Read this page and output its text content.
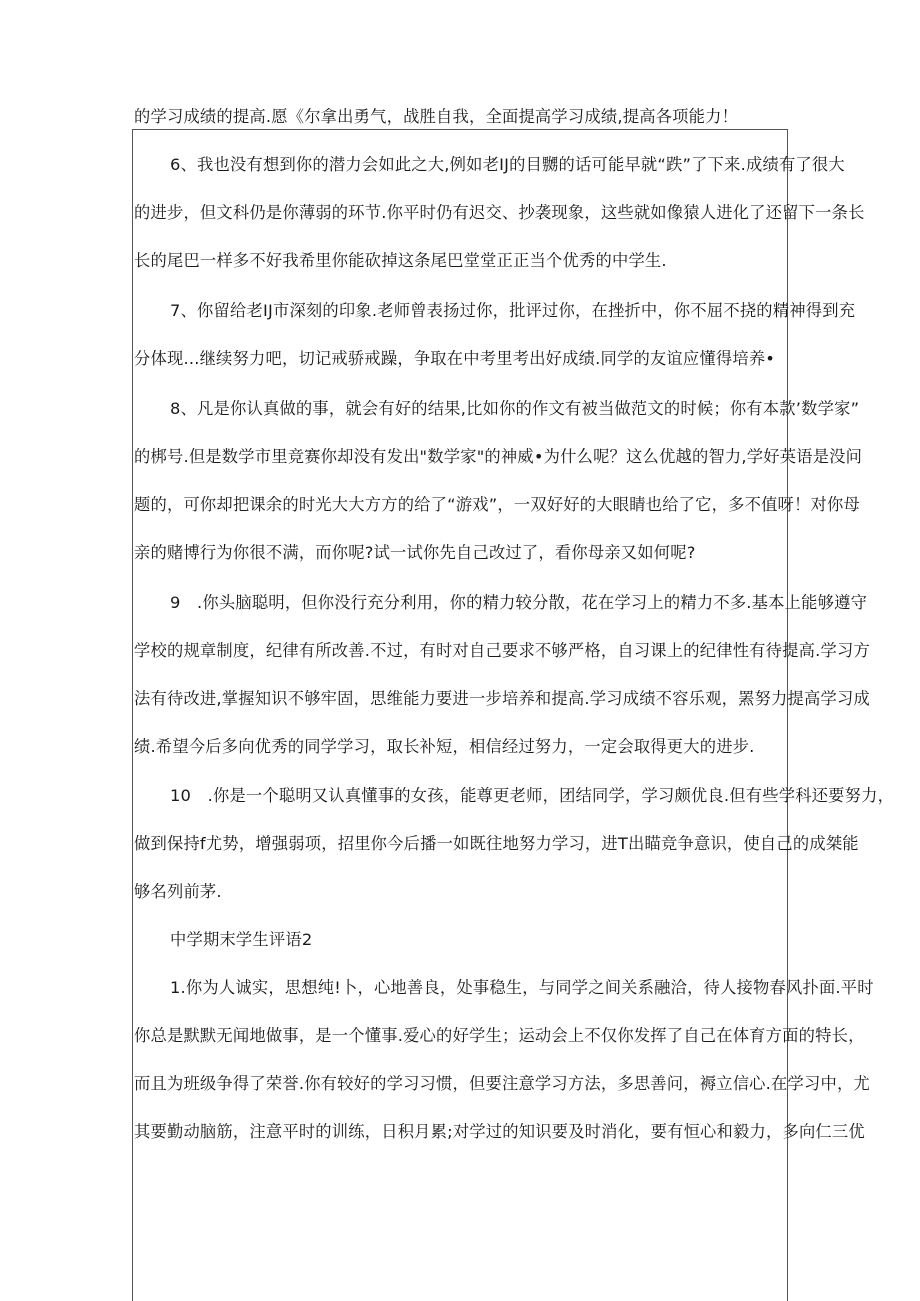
的学习成绩的提高.愿《尔拿出勇气，战胜自我，全面提高学习成绩,提高各项能力！
6、我也没有想到你的潜力会如此之大,例如老IJ的目嬲的话可能早就“跌”了下来.成绩有了很大
的进步，但文科仍是你薄弱的环节.你平时仍有迟交、抄袭现象，这些就如像猿人进化了还留下一条长
长的尾巴一样多不好我希里你能砍掉这条尾巴堂堂正正当个优秀的中学生.
7、你留给老IJ市深刻的印象.老师曾表扬过你，批评过你，在挫折中，你不屈不挠的精神得到充
分体现...继续努力吧，切记戒骄戒躁，争取在中考里考出好成绩.同学的友谊应懂得培养•
8、凡是你认真做的事，就会有好的结果,比如你的作文有被当做范文的时候；你有本款’数学家”
的梆号.但是数学市里竞赛你却没有发出"数学家"的神威•为什么呢？这么优越的智力,学好英语是没问
题的，可你却把课余的时光大大方方的给了“游戏”，一双好好的大眼睛也给了它，多不值呀！对你母
亲的赌博行为你很不满，而你呢?试一试你先自己改过了，看你母亲又如何呢?
9　.你头脑聪明，但你没行充分利用，你的精力较分散，花在学习上的精力不多.基本上能够遵守
学校的规章制度，纪律有所改善.不过，有时对自己要求不够严格，自习课上的纪律性有待提高.学习方
法有待改进,掌握知识不够牢固，思维能力要进一步培养和提高.学习成绩不容乐观，罴努力提高学习成
绩.希望今后多向优秀的同学学习，取长补短，相信经过努力，一定会取得更大的进步.
10　.你是一个聪明又认真懂事的女孩，能尊更老师，团结同学，学习颇优良.但有些学科还要努力，
做到保持f尤势，增强弱项，招里你今后播一如既往地努力学习，进T出瞄竞争意识，使自己的成桀能
够名列前茅.
中学期末学生评语2
1.你为人诚实，思想纯!卜，心地善良，处事稳生，与同学之间关系融洽，待人接物春风扑面.平时
你总是默默无闻地做事，是一个懂事.爱心的好学生；运动会上不仅你发挥了自己在体育方面的特长，
而且为班级争得了荣誉.你有较好的学习习惯，但要注意学习方法，多思善问，褥立信心.在学习中，尤
其要勤动脑筋，注意平时的训练，日积月累;对学过的知识要及时消化，要有恒心和毅力，多向仁三优
